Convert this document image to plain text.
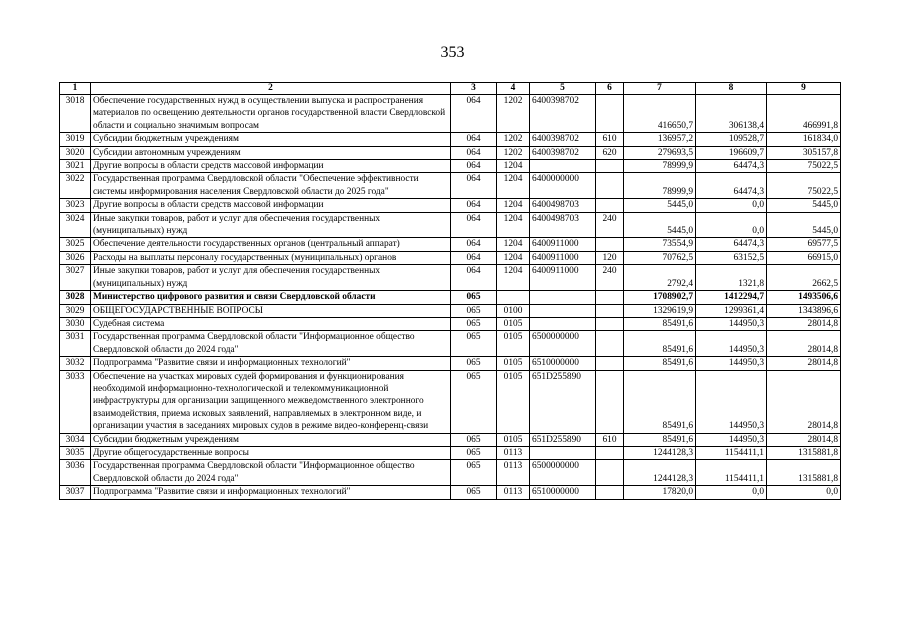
353
1	2	3	4	5	6	7	8	9
3018	Обеспечение государственных нужд в осуществлении выпуска и распространения материалов по освещению деятельности органов государственной власти Свердловской области и социально значимым вопросам	064	1202	6400398702		416650,7	306138,4	466991,8
3019	Субсидии бюджетным учреждениям	064	1202	6400398702	610	136957,2	109528,7	161834,0
3020	Субсидии автономным учреждениям	064	1202	6400398702	620	279693,5	196609,7	305157,8
3021	Другие вопросы в области средств массовой информации	064	1204			78999,9	64474,3	75022,5
3022	Государственная программа Свердловской области "Обеспечение эффективности системы информирования населения Свердловской области до 2025 года"	064	1204	6400000000		78999,9	64474,3	75022,5
3023	Другие вопросы в области средств массовой информации	064	1204	6400498703		5445,0	0,0	5445,0
3024	Иные закупки товаров, работ и услуг для обеспечения государственных (муниципальных) нужд	064	1204	6400498703	240	5445,0	0,0	5445,0
3025	Обеспечение деятельности государственных органов (центральный аппарат)	064	1204	6400911000		73554,9	64474,3	69577,5
3026	Расходы на выплаты персоналу государственных (муниципальных) органов	064	1204	6400911000	120	70762,5	63152,5	66915,0
3027	Иные закупки товаров, работ и услуг для обеспечения государственных (муниципальных) нужд	064	1204	6400911000	240	2792,4	1321,8	2662,5
3028	Министерство цифрового развития и связи Свердловской области	065				1708902,7	1412294,7	1493506,6
3029	ОБЩЕГОСУДАРСТВЕННЫЕ ВОПРОСЫ	065	0100			1329619,9	1299361,4	1343896,6
3030	Судебная система	065	0105			85491,6	144950,3	28014,8
3031	Государственная программа Свердловской области "Информационное общество Свердловской области до 2024 года"	065	0105	6500000000		85491,6	144950,3	28014,8
3032	Подпрограмма "Развитие связи и информационных технологий"	065	0105	6510000000		85491,6	144950,3	28014,8
3033	Обеспечение на участках мировых судей формирования и функционирования необходимой информационно-технологической и телекоммуникационной инфраструктуры для организации защищенного межведомственного электронного взаимодействия, приема исковых заявлений, направляемых в электронном виде, и организации участия в заседаниях мировых судов в режиме видео-конференц-связи	065	0105	651D255890		85491,6	144950,3	28014,8
3034	Субсидии бюджетным учреждениям	065	0105	651D255890	610	85491,6	144950,3	28014,8
3035	Другие общегосударственные вопросы	065	0113			1244128,3	1154411,1	1315881,8
3036	Государственная программа Свердловской области "Информационное общество Свердловской области до 2024 года"	065	0113	6500000000		1244128,3	1154411,1	1315881,8
3037	Подпрограмма "Развитие связи и информационных технологий"	065	0113	6510000000		17820,0	0,0	0,0
